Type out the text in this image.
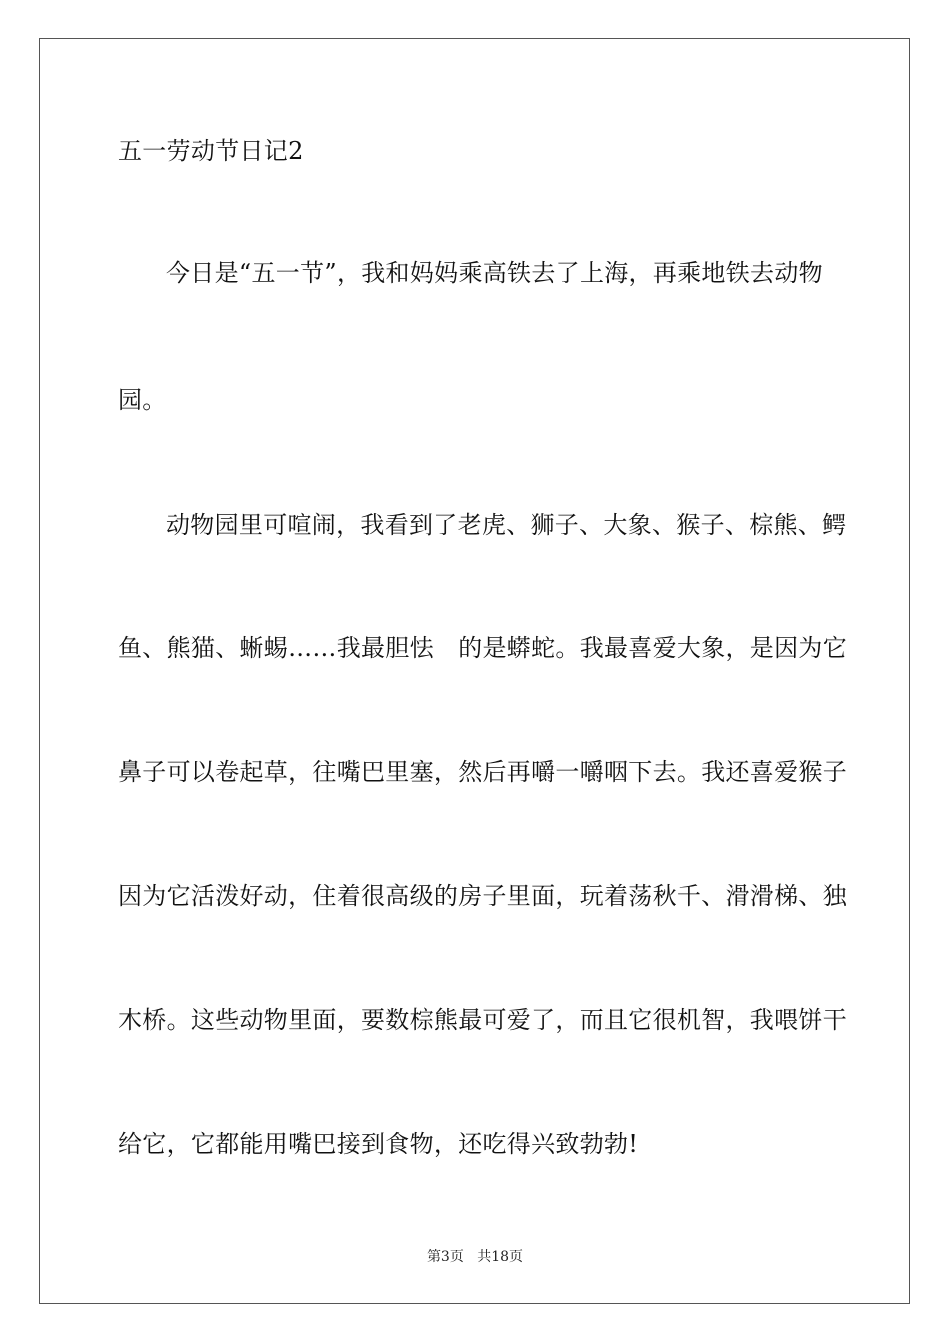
五一劳动节日记2
今日是“五一节”，我和妈妈乘高铁去了上海，再乘地铁去动物
园。
动物园里可喧闹，我看到了老虎、狮子、大象、猴子、棕熊、鳄
鱼、熊猫、蜥蜴……我最胆怯　的是蟒蛇。我最喜爱大象，是因为它
鼻子可以卷起草，往嘴巴里塞，然后再嚼一嚼咽下去。我还喜爱猴子
因为它活泼好动，住着很高级的房子里面，玩着荡秋千、滑滑梯、独
木桥。这些动物里面，要数棕熊最可爱了，而且它很机智，我喂饼干
给它，它都能用嘴巴接到食物，还吃得兴致勃勃!
第3页 共18页
